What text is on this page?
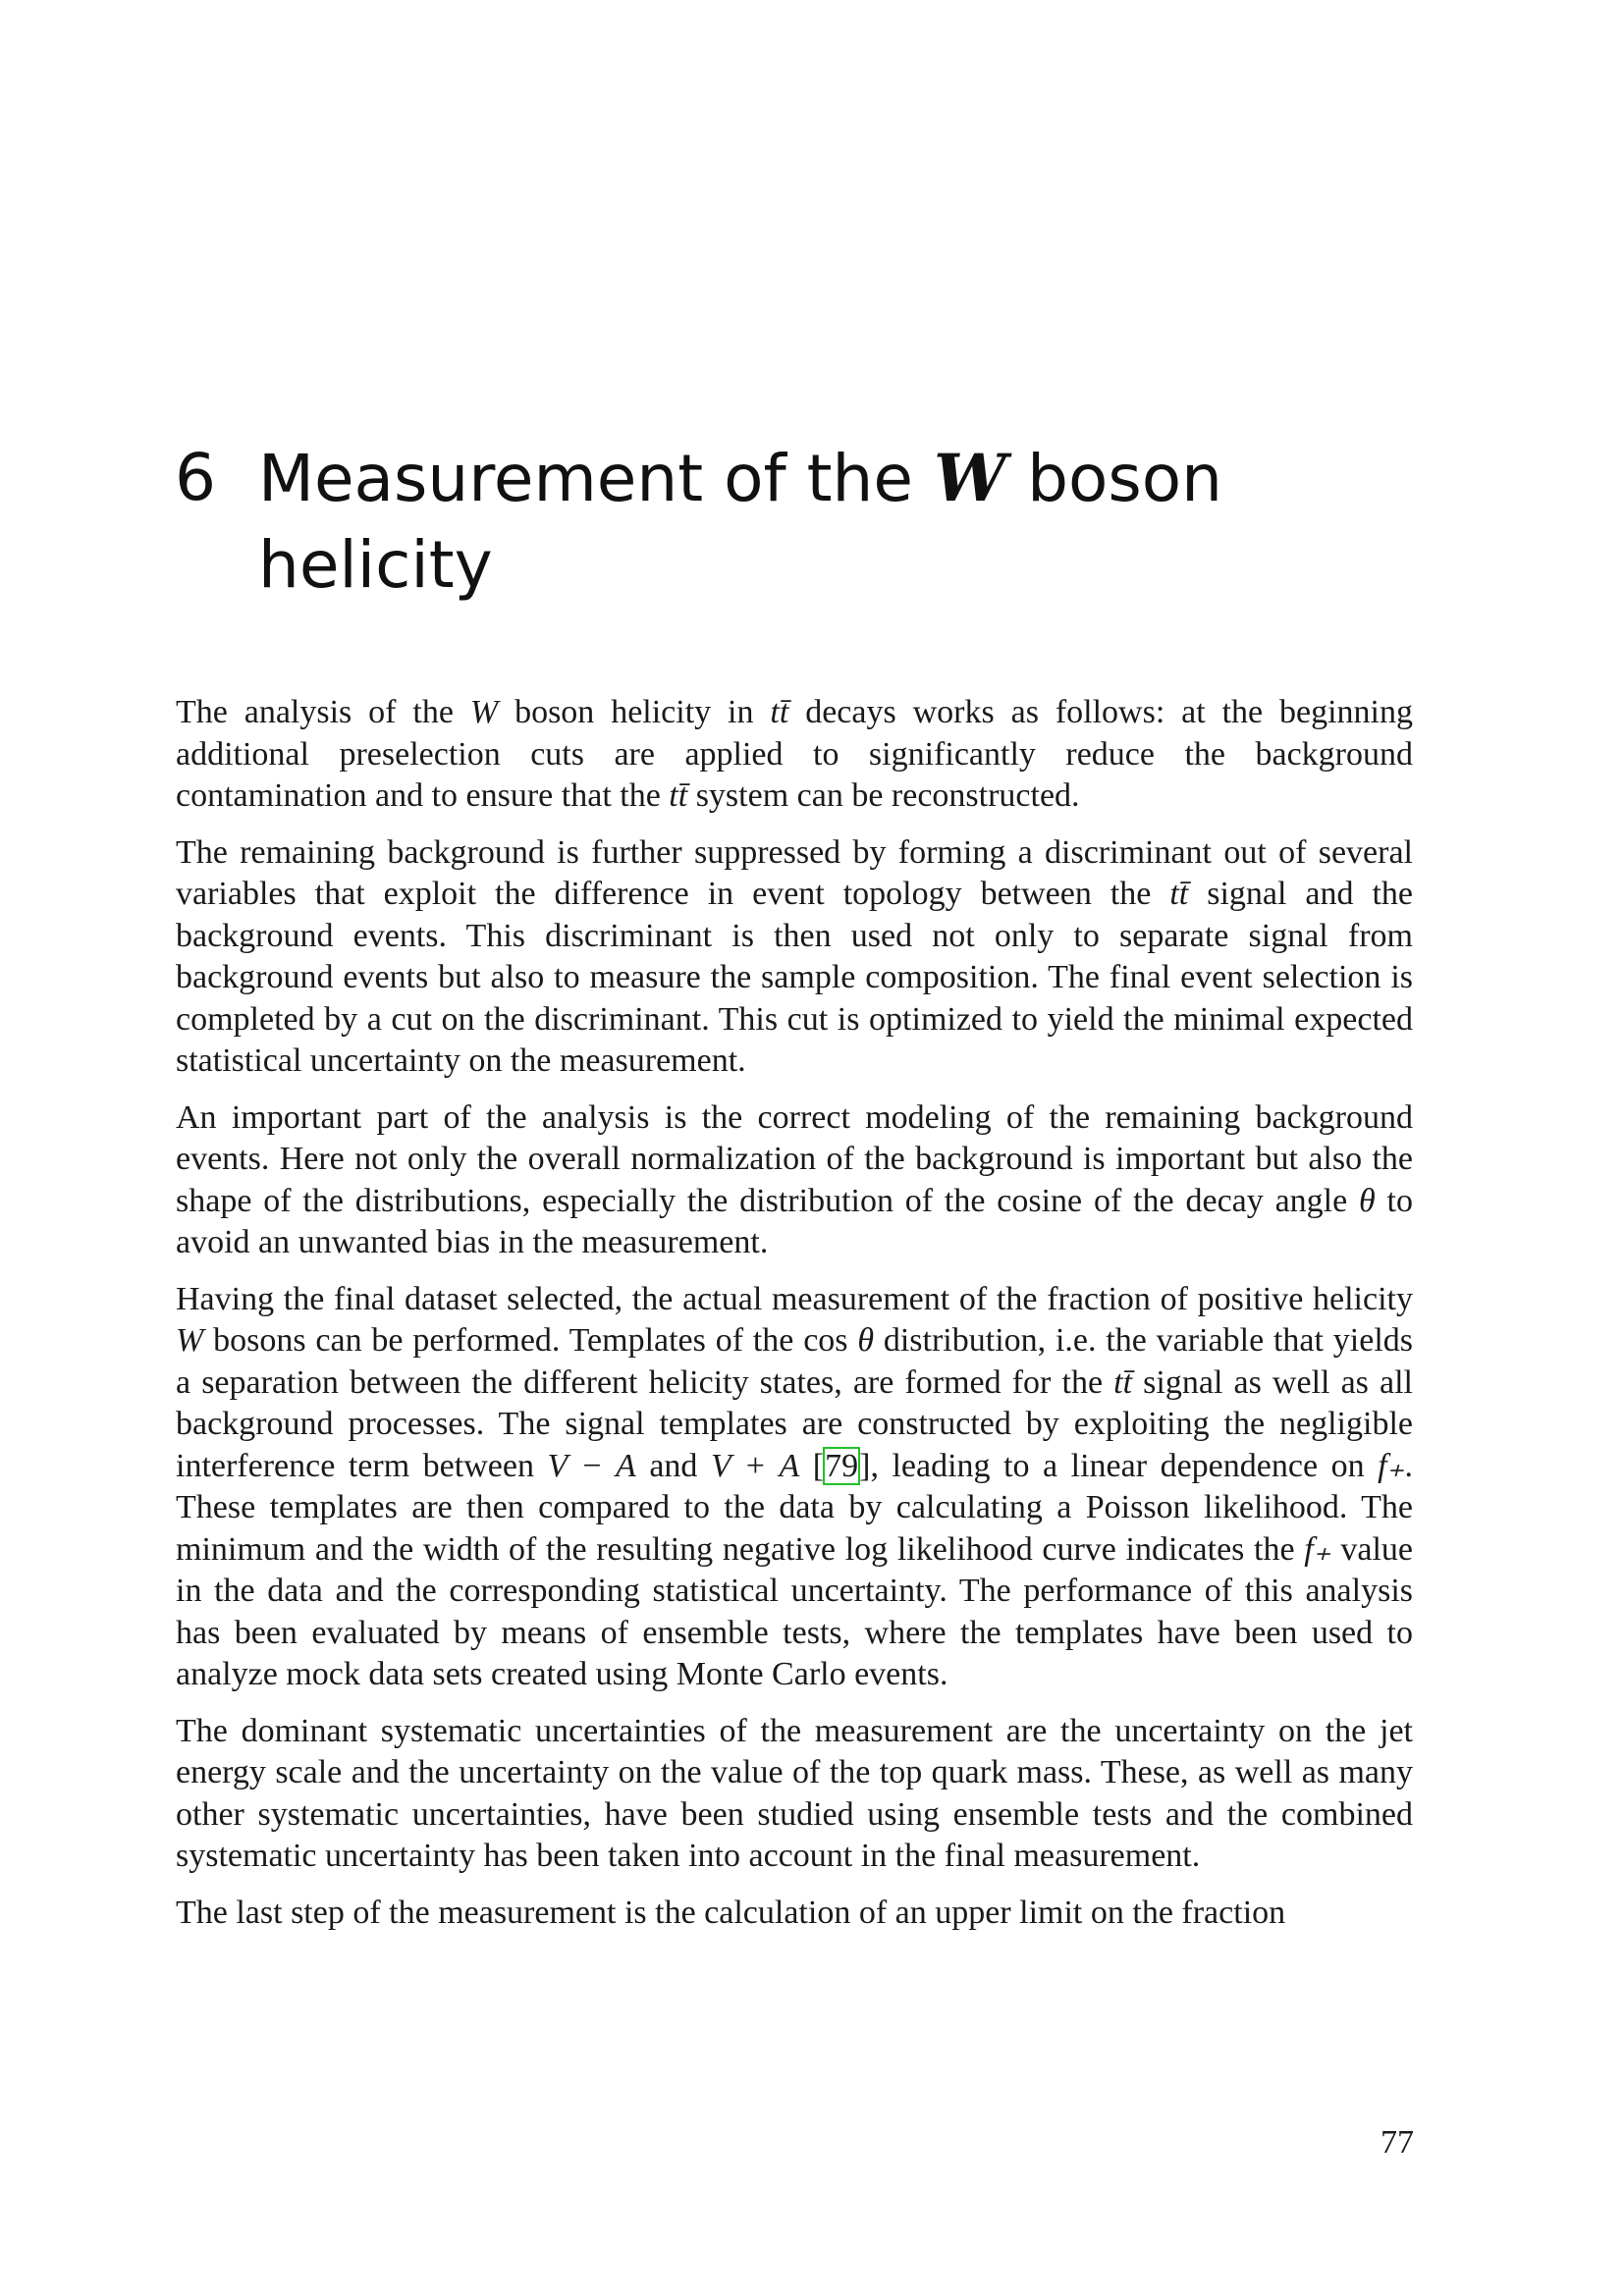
6 Measurement of the W boson helicity

The analysis of the W boson helicity in tt̄ decays works as follows: at the beginning additional preselection cuts are applied to significantly reduce the background contamination and to ensure that the tt̄ system can be reconstructed.

The remaining background is further suppressed by forming a discriminant out of several variables that exploit the difference in event topology between the tt̄ signal and the background events. This discriminant is then used not only to separate signal from background events but also to measure the sample composition. The final event selection is completed by a cut on the discriminant. This cut is optimized to yield the minimal expected statistical uncertainty on the measurement.

An important part of the analysis is the correct modeling of the remaining background events. Here not only the overall normalization of the background is important but also the shape of the distributions, especially the distribution of the cosine of the decay angle θ to avoid an unwanted bias in the measurement.

Having the final dataset selected, the actual measurement of the fraction of positive helicity W bosons can be performed. Templates of the cos θ distribution, i.e. the variable that yields a separation between the different helicity states, are formed for the tt̄ signal as well as all background processes. The signal templates are constructed by exploiting the negligible interference term between V − A and V + A [79], leading to a linear dependence on f₊. These templates are then compared to the data by calculating a Poisson likelihood. The minimum and the width of the resulting negative log likelihood curve indicates the f₊ value in the data and the corresponding statistical uncertainty. The performance of this analysis has been evaluated by means of ensemble tests, where the templates have been used to analyze mock data sets created using Monte Carlo events.

The dominant systematic uncertainties of the measurement are the uncertainty on the jet energy scale and the uncertainty on the value of the top quark mass. These, as well as many other systematic uncertainties, have been studied using ensemble tests and the combined systematic uncertainty has been taken into account in the final measurement.

The last step of the measurement is the calculation of an upper limit on the fraction

77
